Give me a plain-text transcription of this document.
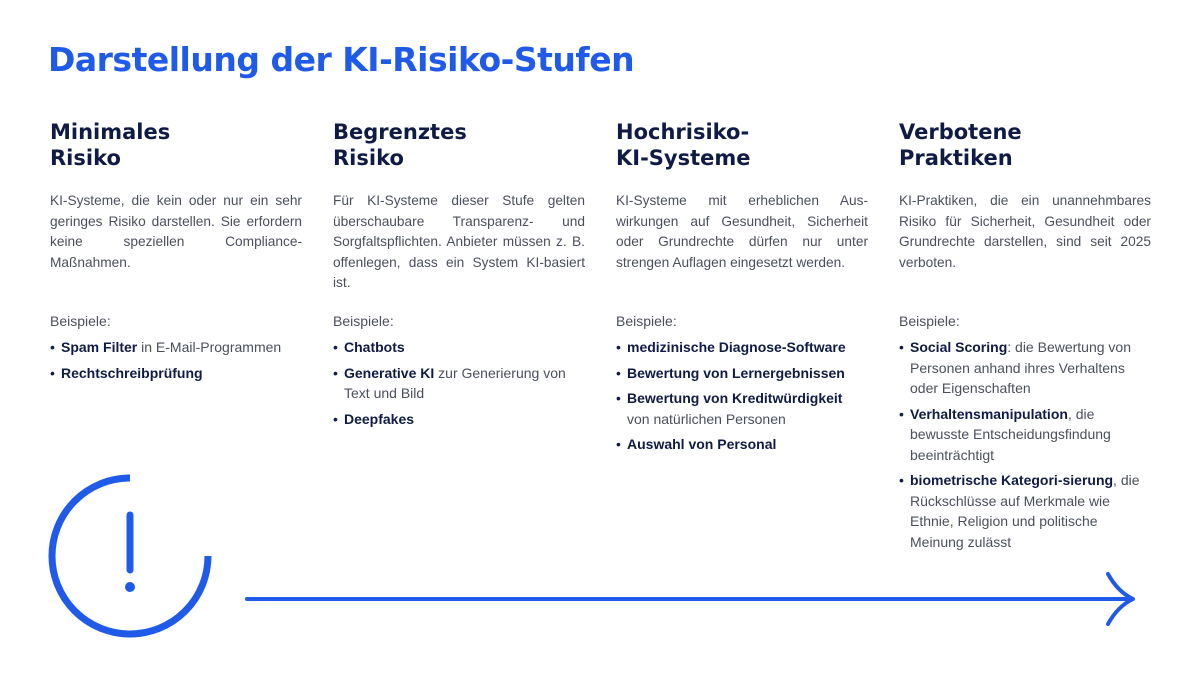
Darstellung der KI-Risiko-Stufen
Minimales
Risiko

KI-Systeme, die kein oder nur ein sehr geringes Risiko darstellen. Sie erfordern keine speziellen Compliance-Maßnahmen.

Beispiele:
• Spam Filter in E-Mail-Programmen
• Rechtschreibprüfung
Begrenztes
Risiko

Für KI-Systeme dieser Stufe gelten überschaubare Transparenz- und Sorgfaltspflichten. Anbieter müssen z. B. offenlegen, dass ein System KI-basiert ist.

Beispiele:
• Chatbots
• Generative KI zur Generierung von Text und Bild
• Deepfakes
Hochrisiko-
KI-Systeme

KI-Systeme mit erheblichen Auswirkungen auf Gesundheit, Sicherheit oder Grundrechte dürfen nur unter strengen Auflagen eingesetzt werden.

Beispiele:
• medizinische Diagnose-Software
• Bewertung von Lernergebnissen
• Bewertung von Kreditwürdigkeit von natürlichen Personen
• Auswahl von Personal
Verbotene
Praktiken

KI-Praktiken, die ein unannehmbares Risiko für Sicherheit, Gesundheit oder Grundrechte darstellen, sind seit 2025 verboten.

Beispiele:
• Social Scoring: die Bewertung von Personen anhand ihres Verhaltens oder Eigenschaften
• Verhaltensmanipulation, die bewusste Entscheidungsfindung beeinträchtigt
• biometrische Kategori-sierung, die Rückschlüsse auf Merkmale wie Ethnie, Religion und politische Meinung zulässt
